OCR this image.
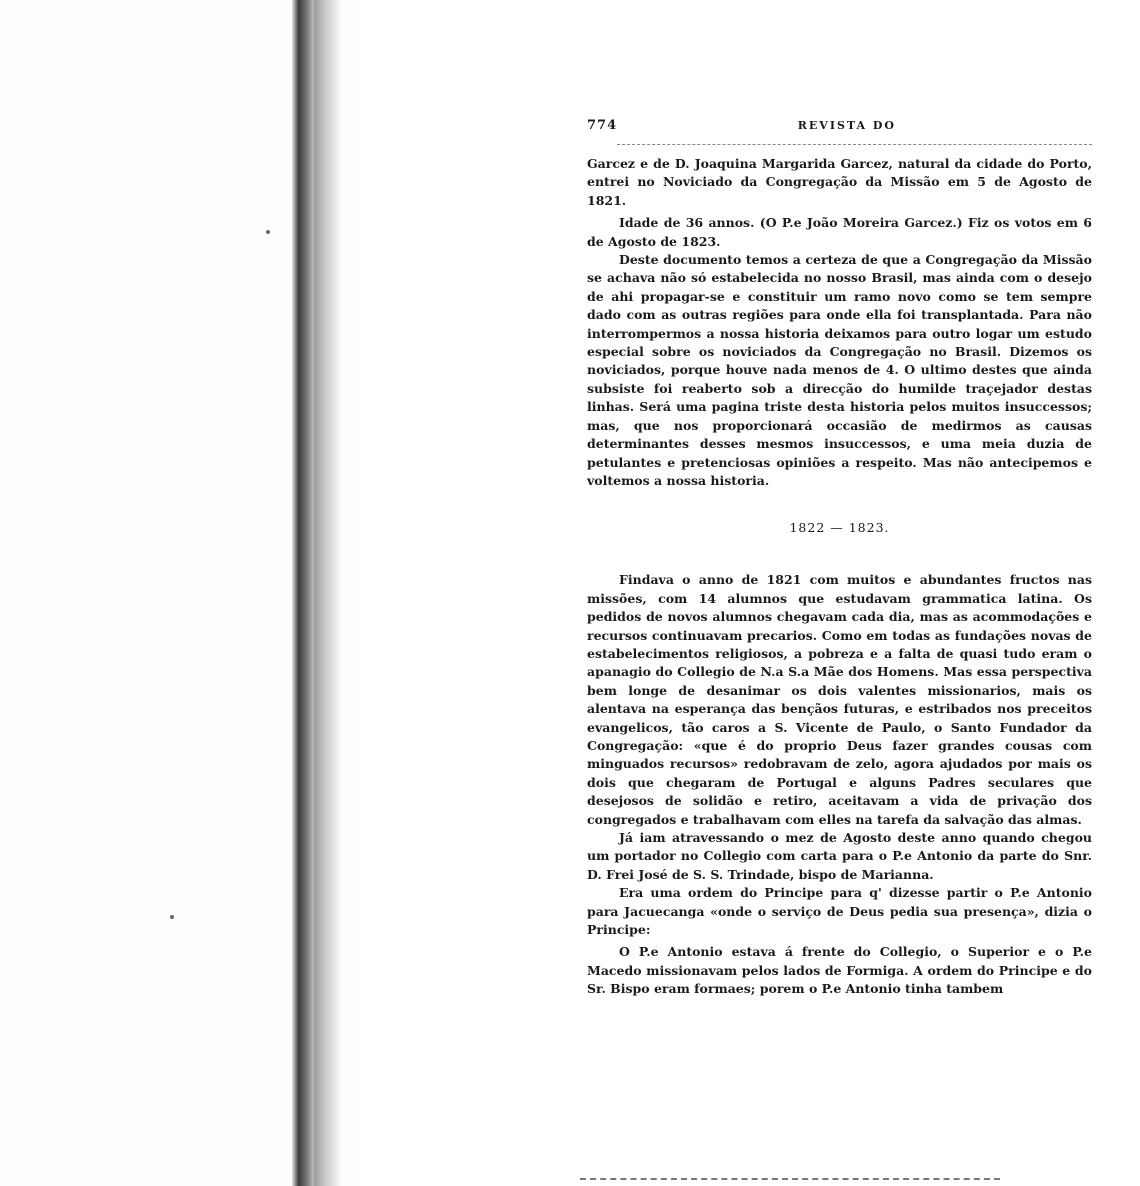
774	REVISTA DO

Garcez e de D. Joaquina Margarida Garcez, natural da cidade do Porto, entrei no Noviciado da Congregação da Missão em 5 de Agosto de 1821.

Idade de 36 annos. (O P.e João Moreira Garcez.) Fiz os votos em 6 de Agosto de 1823.

Deste documento temos a certeza de que a Congregação da Missão se achava não só estabelecida no nosso Brasil, mas ainda com o desejo de ahi propagar-se e constituir um ramo novo como se tem sempre dado com as outras regiões para onde ella foi transplantada. Para não interrompermos a nossa historia deixamos para outro logar um estudo especial sobre os noviciados da Congregação no Brasil. Dizemos os noviciados, porque houve nada menos de 4. O ultimo destes que ainda subsiste foi reaberto sob a direcção do humilde traçejador destas linhas. Será uma pagina triste desta historia pelos muitos insuccessos; mas, que nos proporcionará occasião de medirmos as causas determinantes desses mesmos insuccessos, e uma meia duzia de petulantes e pretenciosas opiniões a respeito. Mas não antecipemos e voltemos a nossa historia.

1822 — 1823.

Findava o anno de 1821 com muitos e abundantes fructos nas missões, com 14 alumnos que estudavam grammatica latina. Os pedidos de novos alumnos chegavam cada dia, mas as acommodações e recursos continuavam precarios. Como em todas as fundações novas de estabelecimentos religiosos, a pobreza e a falta de quasi tudo eram o apanagio do Collegio de N.a S.a Mãe dos Homens. Mas essa perspectiva bem longe de desanimar os dois valentes missionarios, mais os alentava na esperança das bençãos futuras, e estribados nos preceitos evangelicos, tão caros a S. Vicente de Paulo, o Santo Fundador da Congregação: «que é do proprio Deus fazer grandes cousas com minguados recursos» redobravam de zelo, agora ajudados por mais os dois que chegaram de Portugal e alguns Padres seculares que desejosos de solidão e retiro, aceitavam a vida de privação dos congregados e trabalhavam com elles na tarefa da salvação das almas.

Já iam atravessando o mez de Agosto deste anno quando chegou um portador no Collegio com carta para o P.e Antonio da parte do Snr. D. Frei José de S. S. Trindade, bispo de Marianna.

Era uma ordem do Principe para q' dizesse partir o P.e Antonio para Jacuecanga «onde o serviço de Deus pedia sua presença», dizia o Principe:

O P.e Antonio estava á frente do Collegio, o Superior e o P.e Macedo missionavam pelos lados de Formiga. A ordem do Principe e do Sr. Bispo eram formaes; porem o P.e Antonio tinha tambem
